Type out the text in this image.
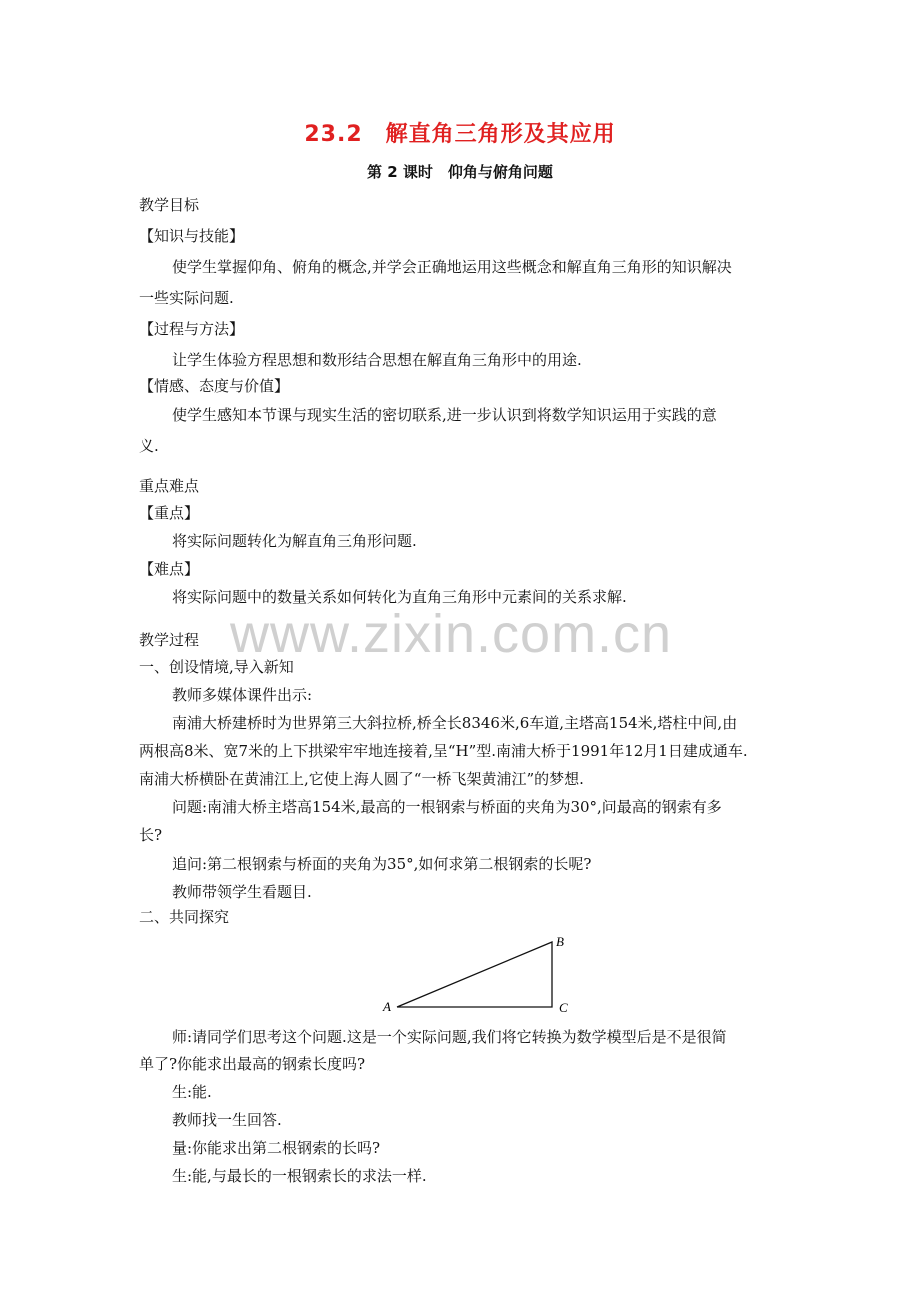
23.2　解直角三角形及其应用
第 2 课时　仰角与俯角问题
教学目标
【知识与技能】
使学生掌握仰角、俯角的概念,并学会正确地运用这些概念和解直角三角形的知识解决
一些实际问题.
【过程与方法】
让学生体验方程思想和数形结合思想在解直角三角形中的用途.
【情感、态度与价值】
使学生感知本节课与现实生活的密切联系,进一步认识到将数学知识运用于实践的意
义.
重点难点
【重点】
将实际问题转化为解直角三角形问题.
【难点】
将实际问题中的数量关系如何转化为直角三角形中元素间的关系求解.
www.zixin.com.cn
教学过程
一、创设情境,导入新知
教师多媒体课件出示:
南浦大桥建桥时为世界第三大斜拉桥,桥全长8346米,6车道,主塔高154米,塔柱中间,由
两根高8米、宽7米的上下拱梁牢牢地连接着,呈“H”型.南浦大桥于1991年12月1日建成通车.
南浦大桥横卧在黄浦江上,它使上海人圆了“一桥飞架黄浦江”的梦想.
问题:南浦大桥主塔高154米,最高的一根钢索与桥面的夹角为30°,问最高的钢索有多
长?
追问:第二根钢索与桥面的夹角为35°,如何求第二根钢索的长呢?
教师带领学生看题目.
二、共同探究
A
B
C
师:请同学们思考这个问题.这是一个实际问题,我们将它转换为数学模型后是不是很简
单了?你能求出最高的钢索长度吗?
生:能.
教师找一生回答.
量:你能求出第二根钢索的长吗?
生:能,与最长的一根钢索长的求法一样.
